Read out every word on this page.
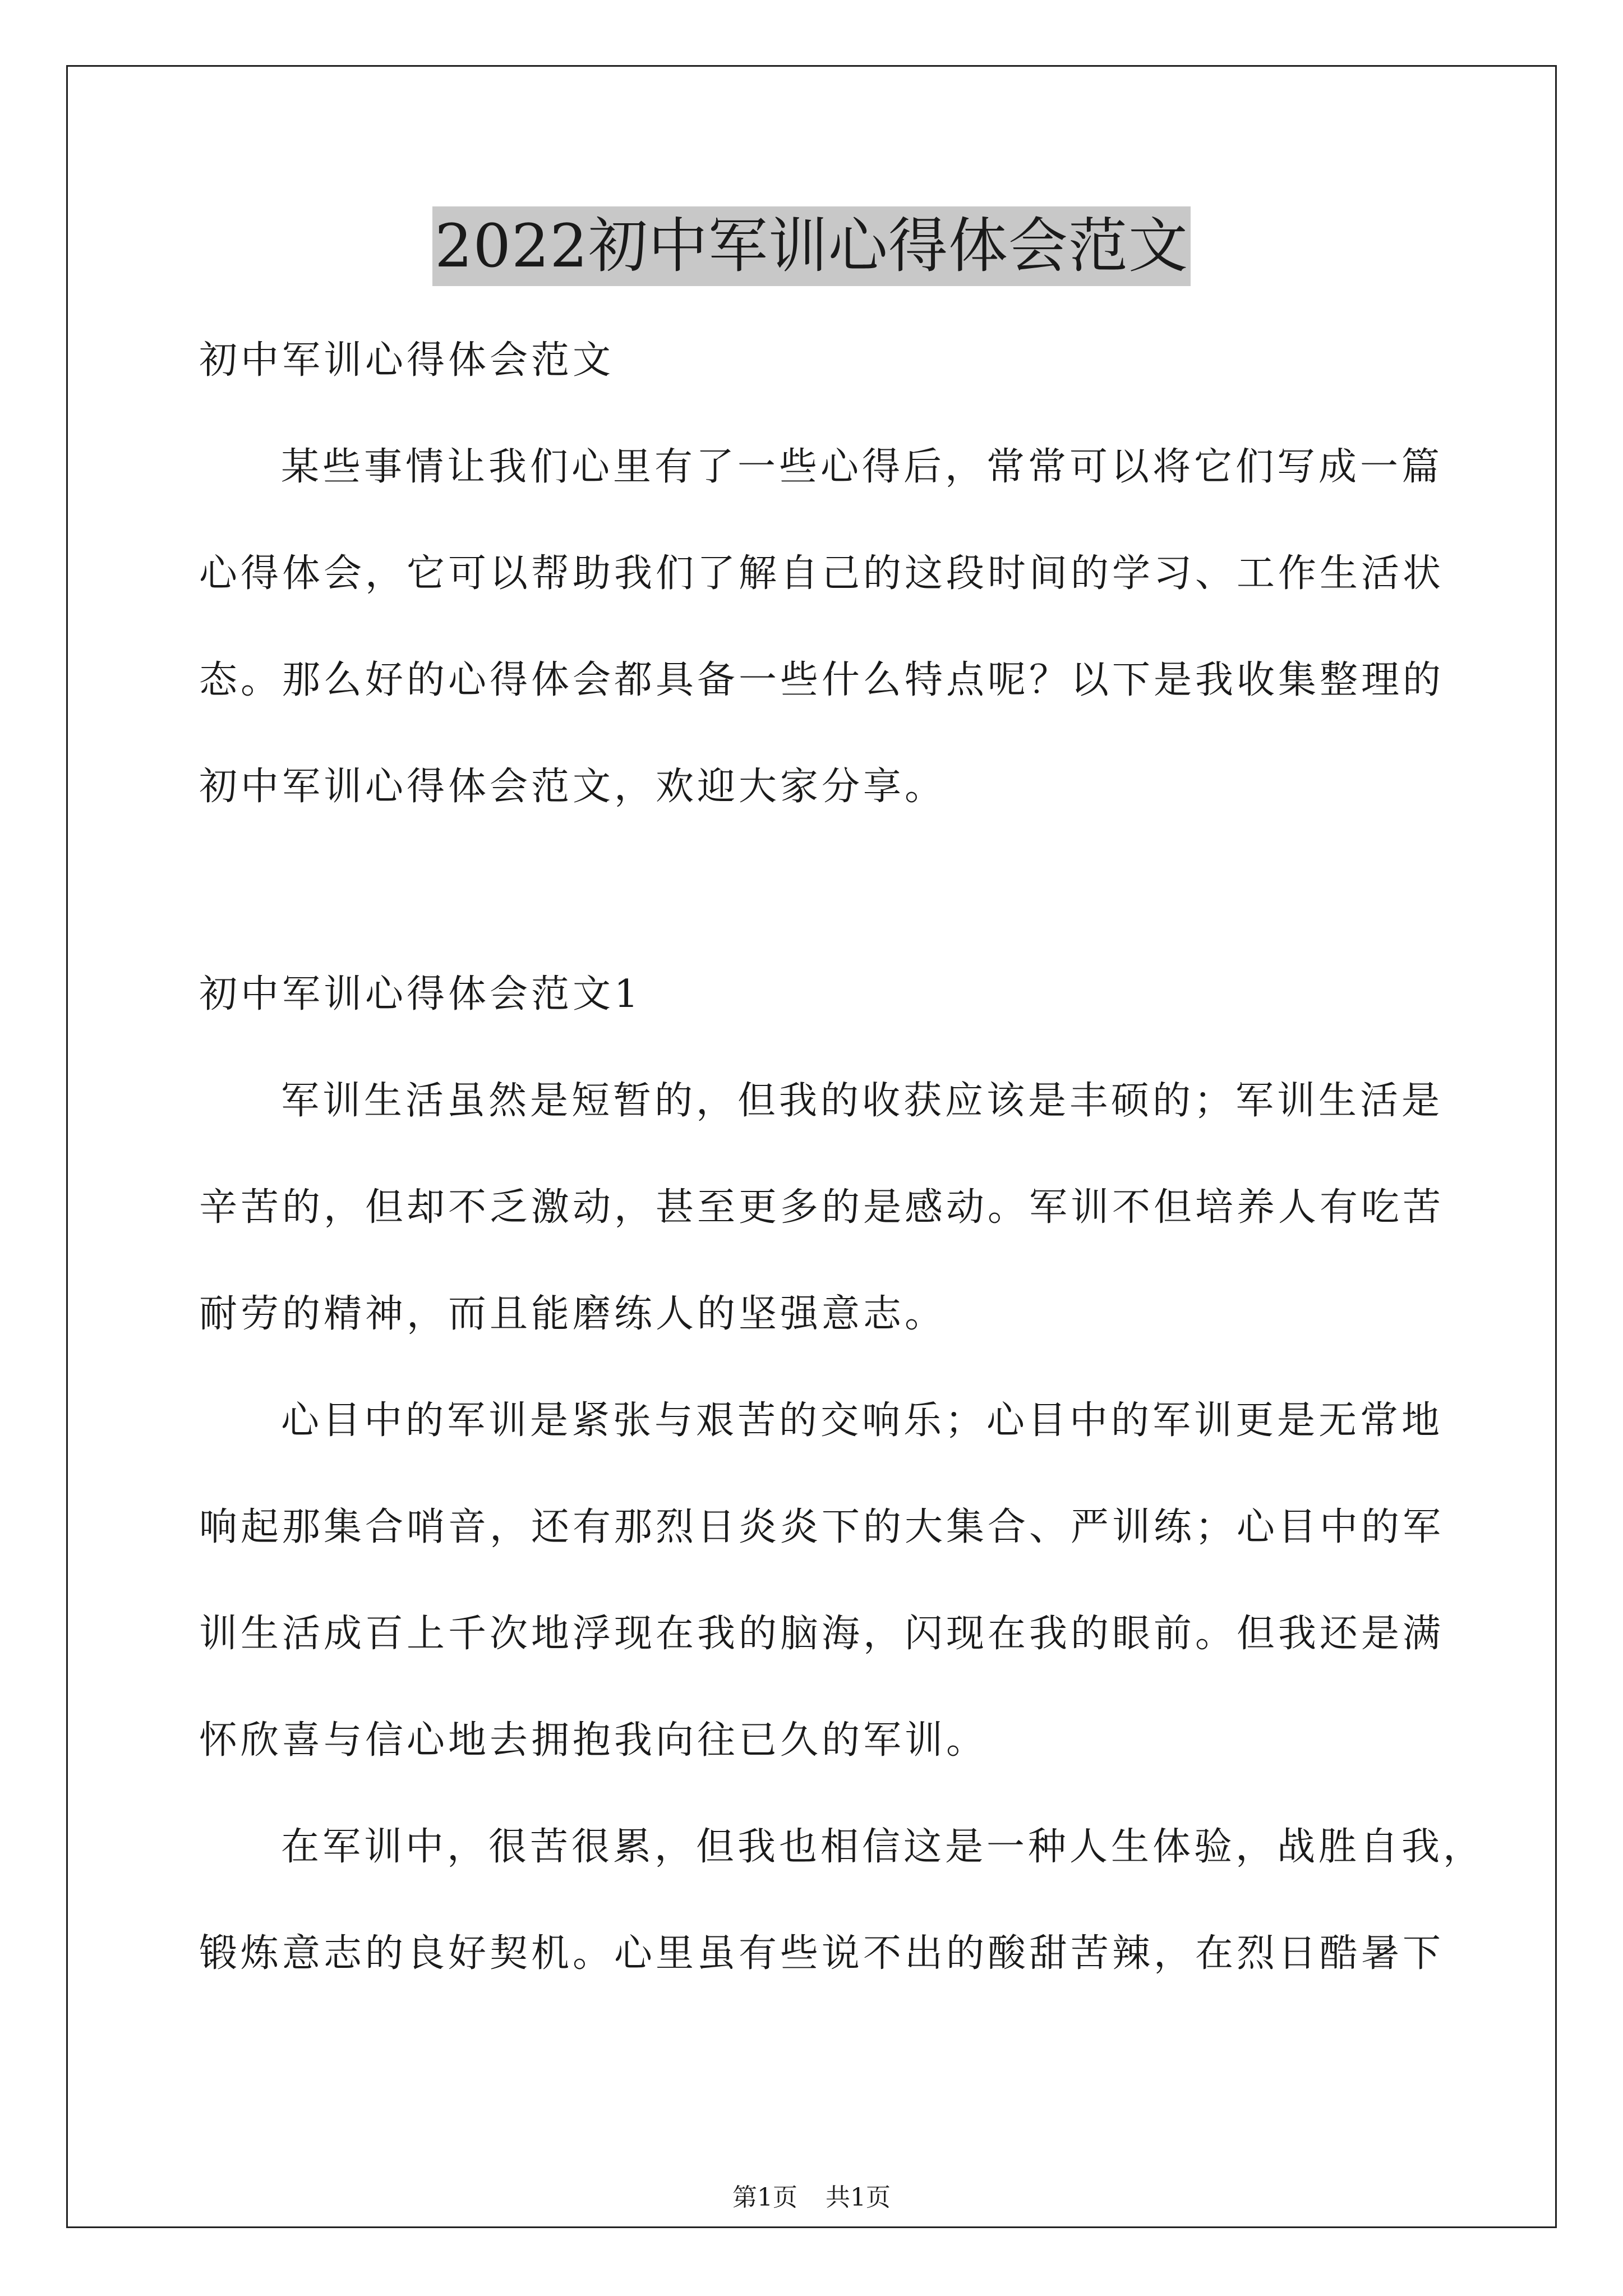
2022初中军训心得体会范文
初中军训心得体会范文
某些事情让我们心里有了一些心得后，常常可以将它们写成一篇
心得体会，它可以帮助我们了解自己的这段时间的学习、工作生活状
态。那么好的心得体会都具备一些什么特点呢？以下是我收集整理的
初中军训心得体会范文，欢迎大家分享。
初中军训心得体会范文1
军训生活虽然是短暂的，但我的收获应该是丰硕的；军训生活是
辛苦的，但却不乏激动，甚至更多的是感动。军训不但培养人有吃苦
耐劳的精神，而且能磨练人的坚强意志。
心目中的军训是紧张与艰苦的交响乐；心目中的军训更是无常地
响起那集合哨音，还有那烈日炎炎下的大集合、严训练；心目中的军
训生活成百上千次地浮现在我的脑海，闪现在我的眼前。但我还是满
怀欣喜与信心地去拥抱我向往已久的军训。
在军训中，很苦很累，但我也相信这是一种人生体验，战胜自我，
锻炼意志的良好契机。心里虽有些说不出的酸甜苦辣，在烈日酷暑下
第1页 共1页
